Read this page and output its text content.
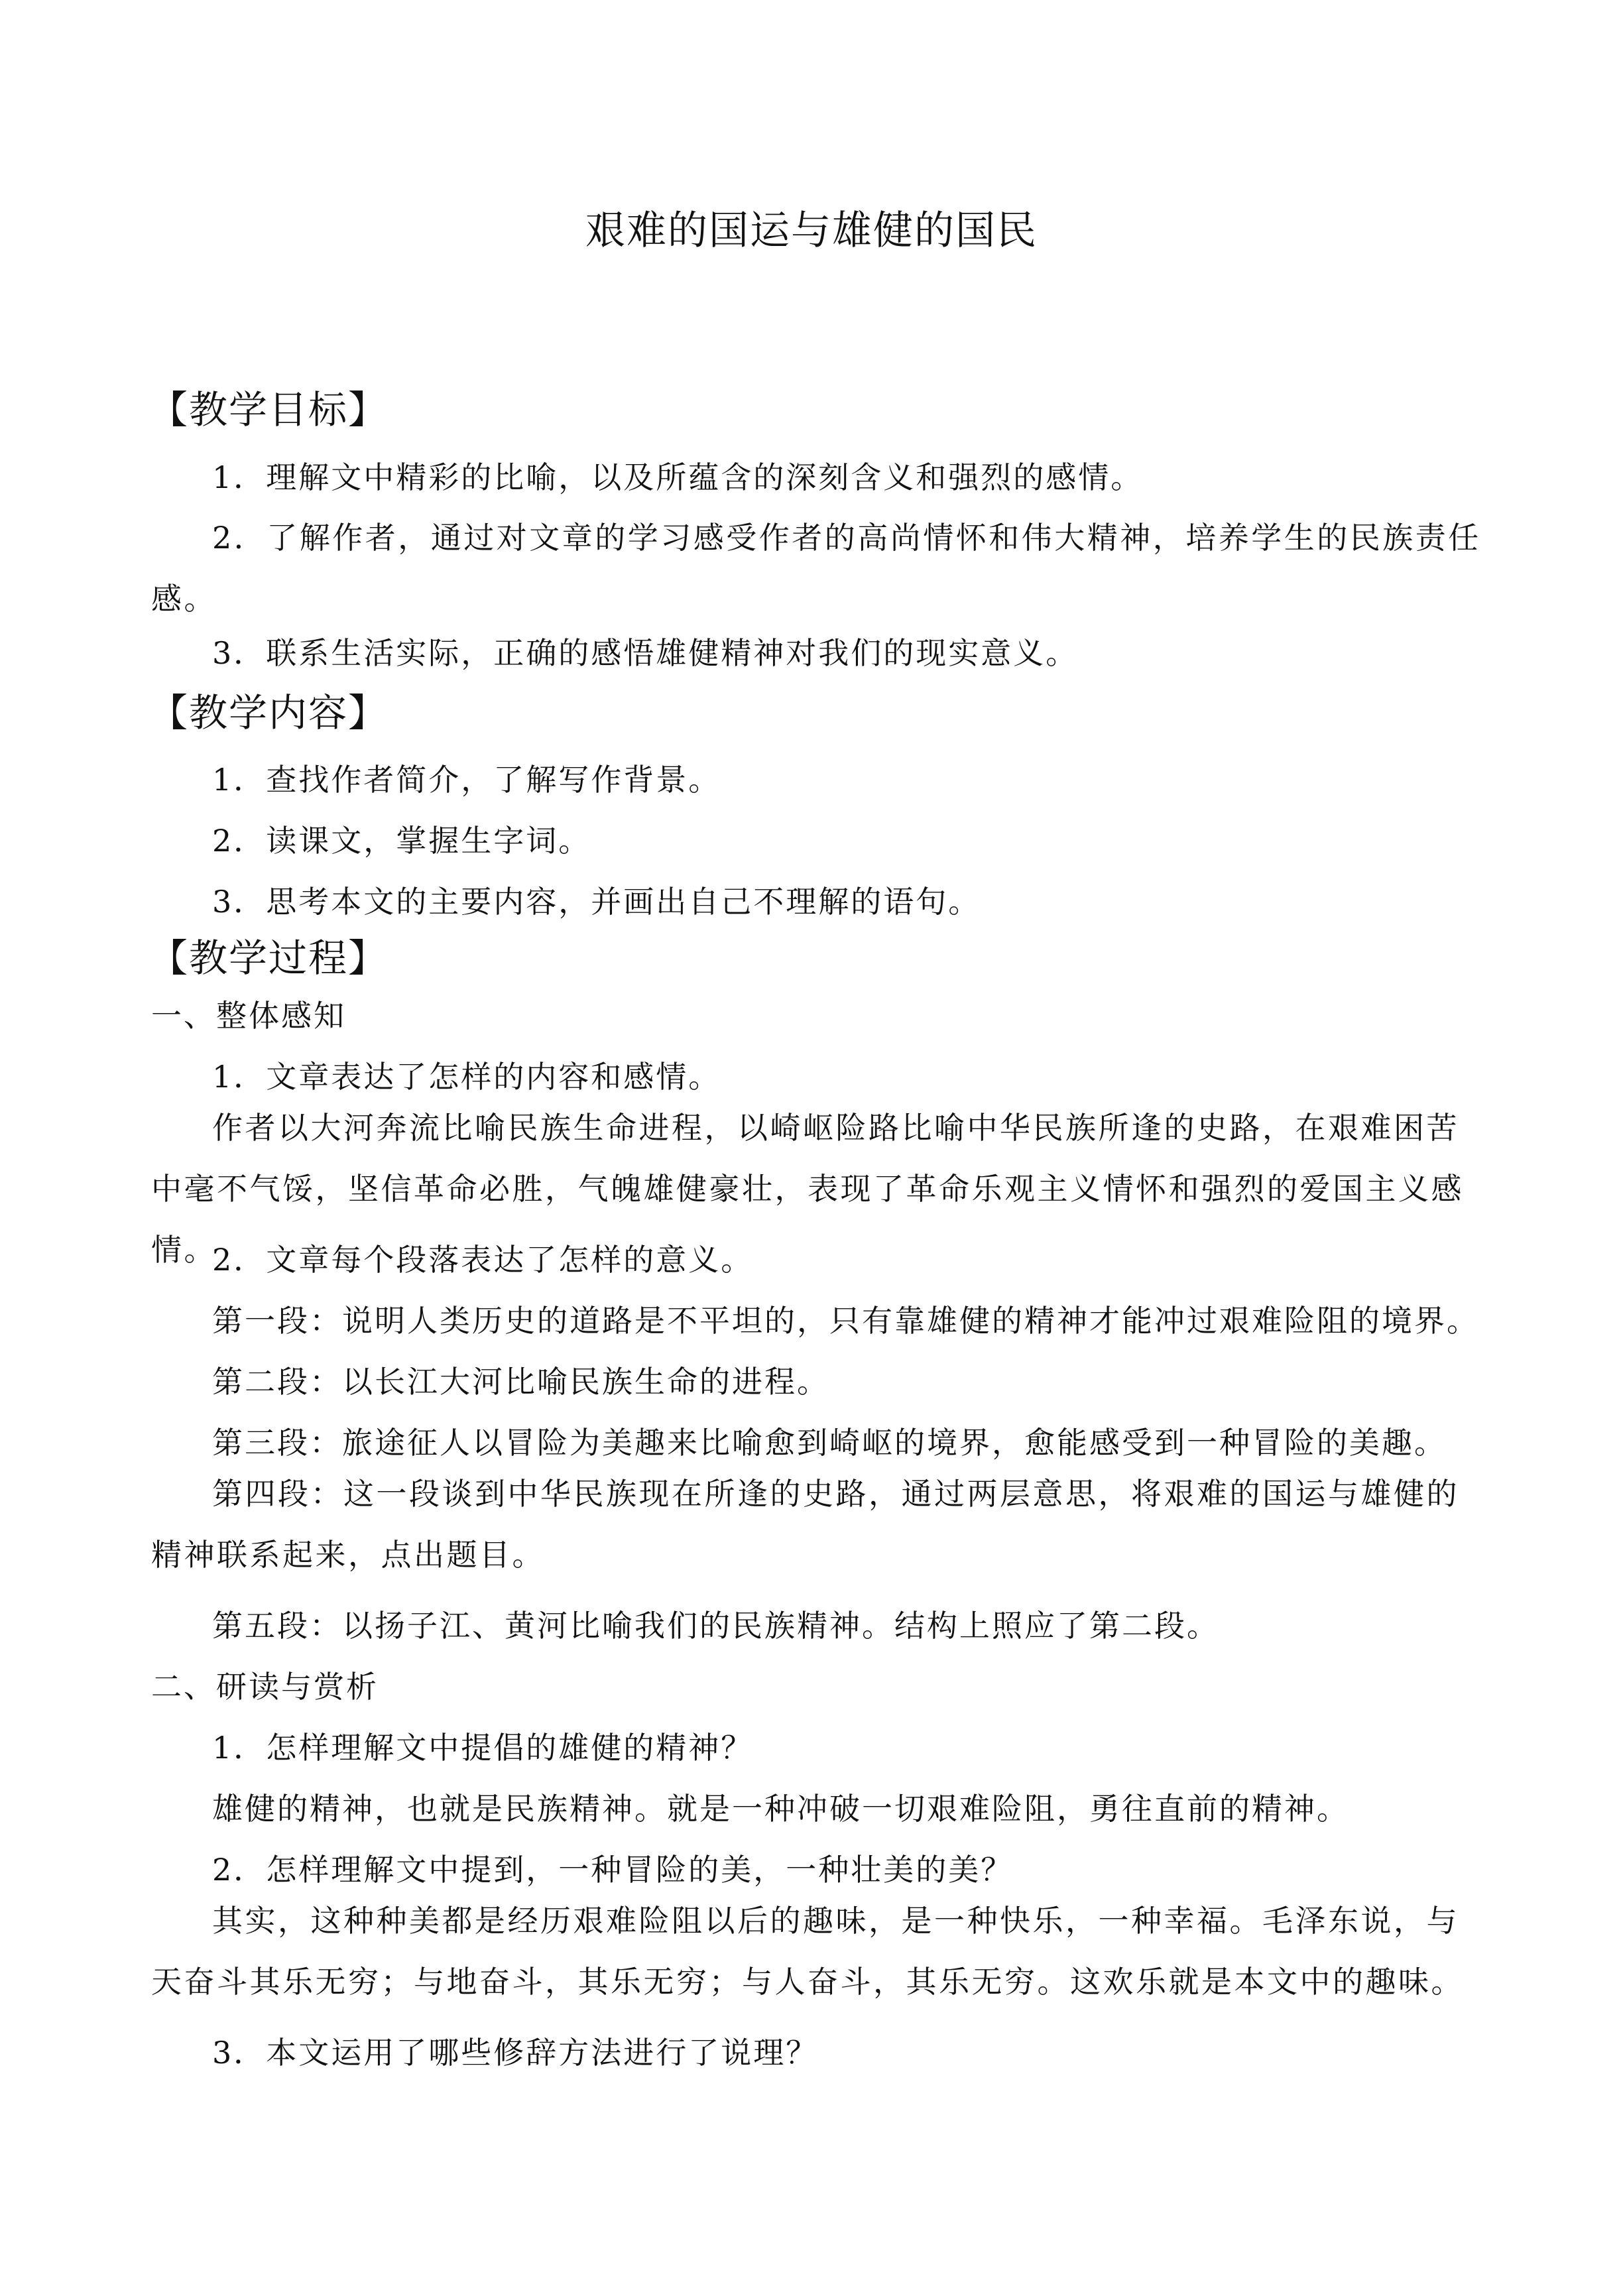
艰难的国运与雄健的国民
【教学目标】
1．理解文中精彩的比喻，以及所蕴含的深刻含义和强烈的感情。
2．了解作者，通过对文章的学习感受作者的高尚情怀和伟大精神，培养学生的民族责任感。
3．联系生活实际，正确的感悟雄健精神对我们的现实意义。
【教学内容】
1．查找作者简介，了解写作背景。
2．读课文，掌握生字词。
3．思考本文的主要内容，并画出自己不理解的语句。
【教学过程】
一、整体感知
1．文章表达了怎样的内容和感情。
作者以大河奔流比喻民族生命进程，以崎岖险路比喻中华民族所逢的史路，在艰难困苦中毫不气馁，坚信革命必胜，气魄雄健豪壮，表现了革命乐观主义情怀和强烈的爱国主义感情。
2．文章每个段落表达了怎样的意义。
第一段：说明人类历史的道路是不平坦的，只有靠雄健的精神才能冲过艰难险阻的境界。
第二段：以长江大河比喻民族生命的进程。
第三段：旅途征人以冒险为美趣来比喻愈到崎岖的境界，愈能感受到一种冒险的美趣。
第四段：这一段谈到中华民族现在所逢的史路，通过两层意思，将艰难的国运与雄健的精神联系起来，点出题目。
第五段：以扬子江、黄河比喻我们的民族精神。结构上照应了第二段。
二、研读与赏析
1．怎样理解文中提倡的雄健的精神？
雄健的精神，也就是民族精神。就是一种冲破一切艰难险阻，勇往直前的精神。
2．怎样理解文中提到，一种冒险的美，一种壮美的美？
其实，这种种美都是经历艰难险阻以后的趣味，是一种快乐，一种幸福。毛泽东说，与天奋斗其乐无穷；与地奋斗，其乐无穷；与人奋斗，其乐无穷。这欢乐就是本文中的趣味。
3．本文运用了哪些修辞方法进行了说理？
